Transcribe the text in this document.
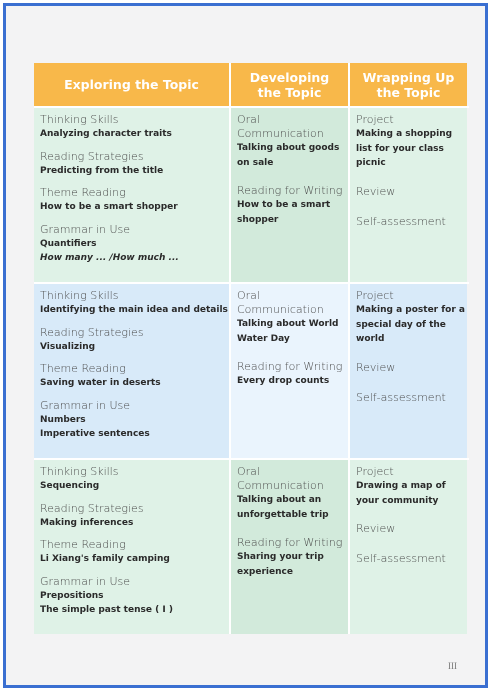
Exploring the Topic	Developing
the Topic
Wrapping Up
the Topic
Thinking Skills
Analyzing character traits
Reading Strategies
Predicting from the title
Theme Reading
How to be a smart shopper
Grammar in Use
Quantifiers
How many ... /How much ...
Oral Communication
Talking about goods on sale
Reading for Writing
How to be a smart shopper
Project
Making a shopping list for your class picnic
Review
Self-assessment
Thinking Skills
Identifying the main idea and details
Reading Strategies
Visualizing
Theme Reading
Saving water in deserts
Grammar in Use
Numbers
Imperative sentences
Oral Communication
Talking about World Water Day
Reading for Writing
Every drop counts
Project
Making a poster for a special day of the world
Review
Self-assessment
Thinking Skills
Sequencing
Reading Strategies
Making inferences
Theme Reading
Li Xiang's family camping
Grammar in Use
Prepositions
The simple past tense ( I )
Oral Communication
Talking about an unforgettable trip
Reading for Writing
Sharing your trip experience
Project
Drawing a map of your community
Review
Self-assessment
III
